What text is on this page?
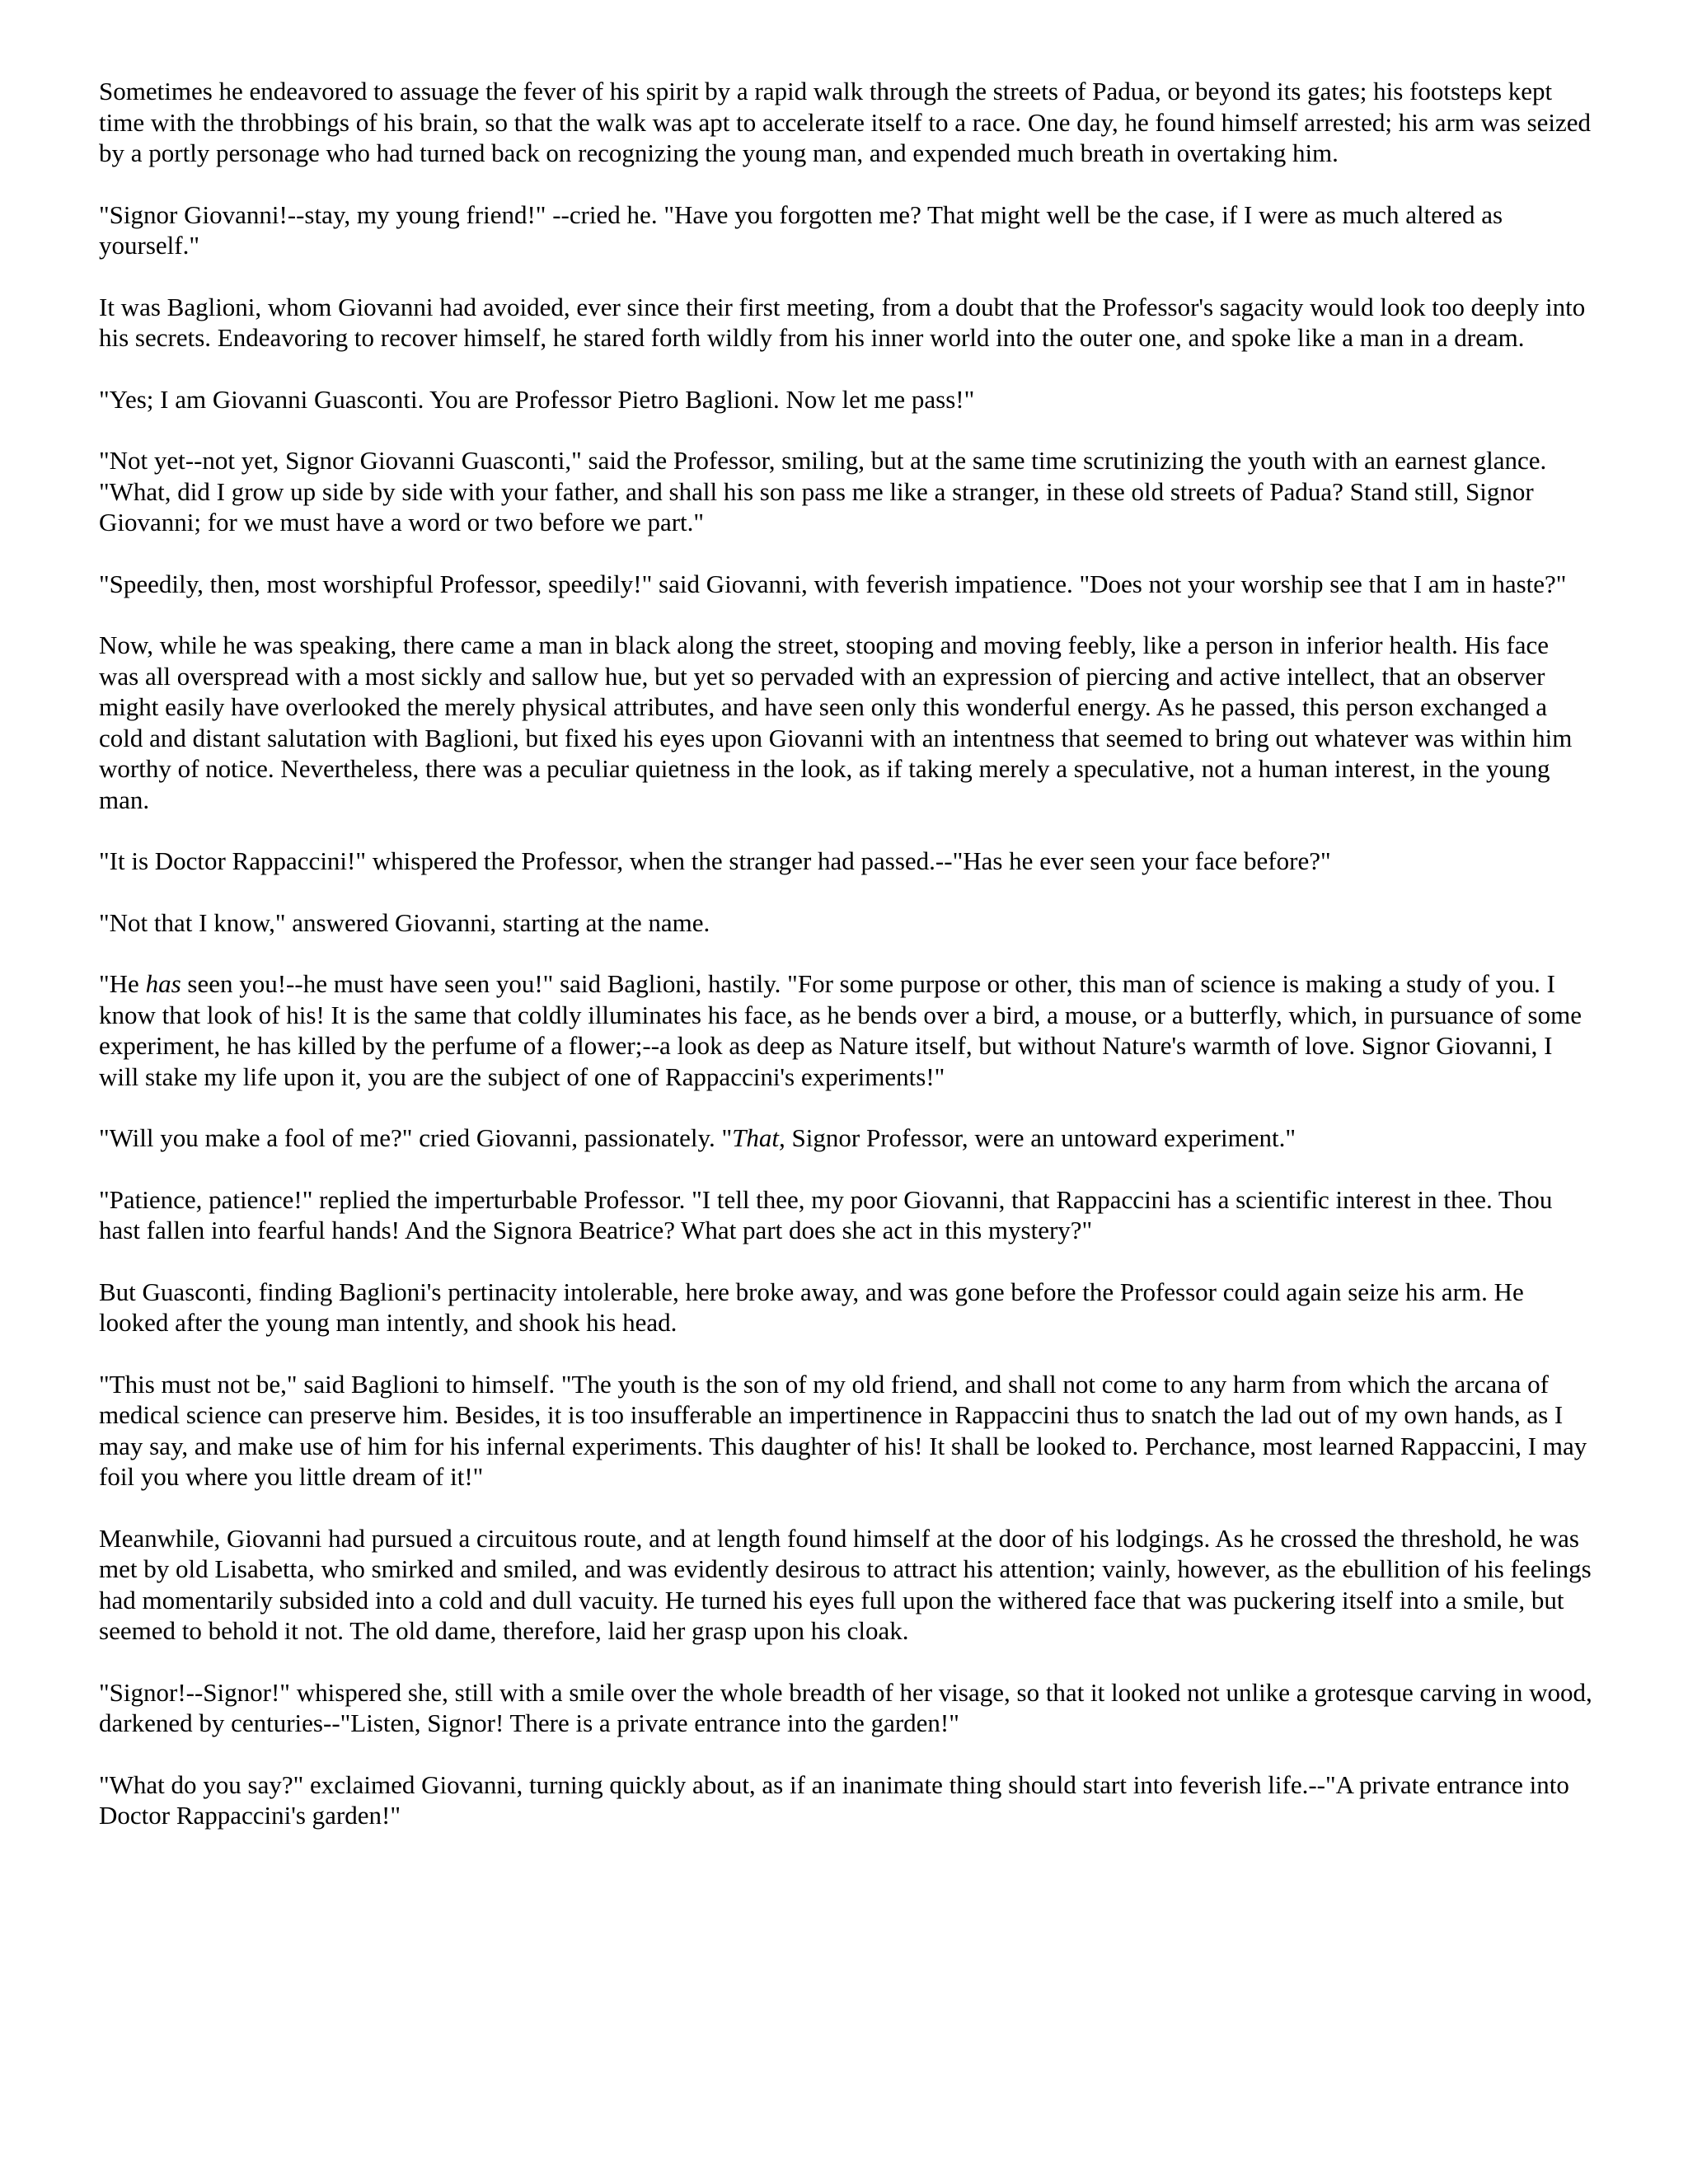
Sometimes he endeavored to assuage the fever of his spirit by a rapid walk through the streets of Padua, or beyond its gates; his footsteps kept time with the throbbings of his brain, so that the walk was apt to accelerate itself to a race. One day, he found himself arrested; his arm was seized by a portly personage who had turned back on recognizing the young man, and expended much breath in overtaking him.

"Signor Giovanni!--stay, my young friend!" --cried he. "Have you forgotten me? That might well be the case, if I were as much altered as yourself."

It was Baglioni, whom Giovanni had avoided, ever since their first meeting, from a doubt that the Professor's sagacity would look too deeply into his secrets. Endeavoring to recover himself, he stared forth wildly from his inner world into the outer one, and spoke like a man in a dream.

"Yes; I am Giovanni Guasconti. You are Professor Pietro Baglioni. Now let me pass!"

"Not yet--not yet, Signor Giovanni Guasconti," said the Professor, smiling, but at the same time scrutinizing the youth with an earnest glance. "What, did I grow up side by side with your father, and shall his son pass me like a stranger, in these old streets of Padua? Stand still, Signor Giovanni; for we must have a word or two before we part."

"Speedily, then, most worshipful Professor, speedily!" said Giovanni, with feverish impatience. "Does not your worship see that I am in haste?"

Now, while he was speaking, there came a man in black along the street, stooping and moving feebly, like a person in inferior health. His face was all overspread with a most sickly and sallow hue, but yet so pervaded with an expression of piercing and active intellect, that an observer might easily have overlooked the merely physical attributes, and have seen only this wonderful energy. As he passed, this person exchanged a cold and distant salutation with Baglioni, but fixed his eyes upon Giovanni with an intentness that seemed to bring out whatever was within him worthy of notice. Nevertheless, there was a peculiar quietness in the look, as if taking merely a speculative, not a human interest, in the young man.

"It is Doctor Rappaccini!" whispered the Professor, when the stranger had passed.--"Has he ever seen your face before?"

"Not that I know," answered Giovanni, starting at the name.

"He has seen you!--he must have seen you!" said Baglioni, hastily. "For some purpose or other, this man of science is making a study of you. I know that look of his! It is the same that coldly illuminates his face, as he bends over a bird, a mouse, or a butterfly, which, in pursuance of some experiment, he has killed by the perfume of a flower;--a look as deep as Nature itself, but without Nature's warmth of love. Signor Giovanni, I will stake my life upon it, you are the subject of one of Rappaccini's experiments!"

"Will you make a fool of me?" cried Giovanni, passionately. "That, Signor Professor, were an untoward experiment."

"Patience, patience!" replied the imperturbable Professor. "I tell thee, my poor Giovanni, that Rappaccini has a scientific interest in thee. Thou hast fallen into fearful hands! And the Signora Beatrice? What part does she act in this mystery?"

But Guasconti, finding Baglioni's pertinacity intolerable, here broke away, and was gone before the Professor could again seize his arm. He looked after the young man intently, and shook his head.

"This must not be," said Baglioni to himself. "The youth is the son of my old friend, and shall not come to any harm from which the arcana of medical science can preserve him. Besides, it is too insufferable an impertinence in Rappaccini thus to snatch the lad out of my own hands, as I may say, and make use of him for his infernal experiments. This daughter of his! It shall be looked to. Perchance, most learned Rappaccini, I may foil you where you little dream of it!"

Meanwhile, Giovanni had pursued a circuitous route, and at length found himself at the door of his lodgings. As he crossed the threshold, he was met by old Lisabetta, who smirked and smiled, and was evidently desirous to attract his attention; vainly, however, as the ebullition of his feelings had momentarily subsided into a cold and dull vacuity. He turned his eyes full upon the withered face that was puckering itself into a smile, but seemed to behold it not. The old dame, therefore, laid her grasp upon his cloak.

"Signor!--Signor!" whispered she, still with a smile over the whole breadth of her visage, so that it looked not unlike a grotesque carving in wood, darkened by centuries--"Listen, Signor! There is a private entrance into the garden!"

"What do you say?" exclaimed Giovanni, turning quickly about, as if an inanimate thing should start into feverish life.--"A private entrance into Doctor Rappaccini's garden!"
